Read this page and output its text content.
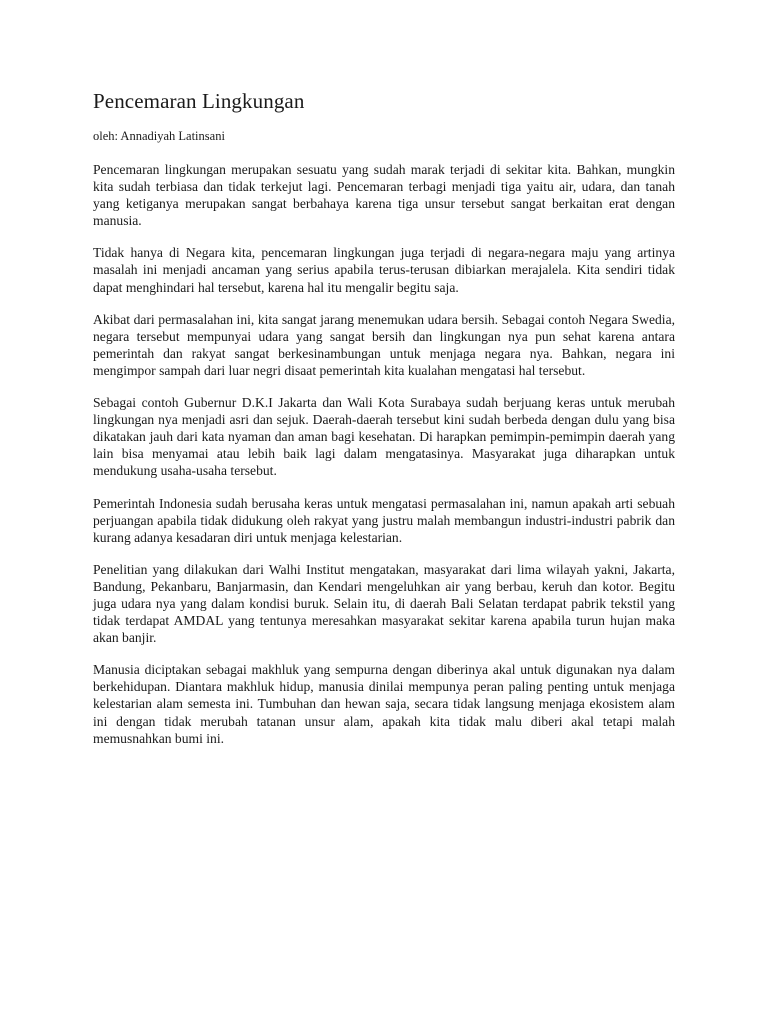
Pencemaran Lingkungan

oleh: Annadiyah Latinsani

Pencemaran lingkungan merupakan sesuatu yang sudah marak terjadi di sekitar kita. Bahkan, mungkin kita sudah terbiasa dan tidak terkejut lagi. Pencemaran terbagi menjadi tiga yaitu air, udara, dan tanah yang ketiganya merupakan sangat berbahaya karena tiga unsur tersebut sangat berkaitan erat dengan manusia.

Tidak hanya di Negara kita, pencemaran lingkungan juga terjadi di negara-negara maju yang artinya masalah ini menjadi ancaman yang serius apabila terus-terusan dibiarkan merajalela. Kita sendiri tidak dapat menghindari hal tersebut, karena hal itu mengalir begitu saja.

Akibat dari permasalahan ini, kita sangat jarang menemukan udara bersih. Sebagai contoh Negara Swedia, negara tersebut mempunyai udara yang sangat bersih dan lingkungan nya pun sehat karena antara pemerintah dan rakyat sangat berkesinambungan untuk menjaga negara nya. Bahkan, negara ini mengimpor sampah dari luar negri disaat pemerintah kita kualahan mengatasi hal tersebut.

Sebagai contoh Gubernur D.K.I Jakarta dan Wali Kota Surabaya sudah berjuang keras untuk merubah lingkungan nya menjadi asri dan sejuk. Daerah-daerah tersebut kini sudah berbeda dengan dulu yang bisa dikatakan jauh dari kata nyaman dan aman bagi kesehatan. Di harapkan pemimpin-pemimpin daerah yang lain bisa menyamai atau lebih baik lagi dalam mengatasinya. Masyarakat juga diharapkan untuk mendukung usaha-usaha tersebut.

Pemerintah Indonesia sudah berusaha keras untuk mengatasi permasalahan ini, namun apakah arti sebuah perjuangan apabila tidak didukung oleh rakyat yang justru malah membangun industri-industri pabrik dan kurang adanya kesadaran diri untuk menjaga kelestarian.

Penelitian yang dilakukan dari Walhi Institut mengatakan, masyarakat dari lima wilayah yakni, Jakarta, Bandung, Pekanbaru, Banjarmasin, dan Kendari mengeluhkan air yang berbau, keruh dan kotor. Begitu juga udara nya yang dalam kondisi buruk. Selain itu, di daerah Bali Selatan terdapat pabrik tekstil yang tidak terdapat AMDAL yang tentunya meresahkan masyarakat sekitar karena apabila turun hujan maka akan banjir.

Manusia diciptakan sebagai makhluk yang sempurna dengan diberinya akal untuk digunakan nya dalam berkehidupan. Diantara makhluk hidup, manusia dinilai mempunya peran paling penting untuk menjaga kelestarian alam semesta ini. Tumbuhan dan hewan saja, secara tidak langsung menjaga ekosistem alam ini dengan tidak merubah tatanan unsur alam, apakah kita tidak malu diberi akal tetapi malah memusnahkan bumi ini.
